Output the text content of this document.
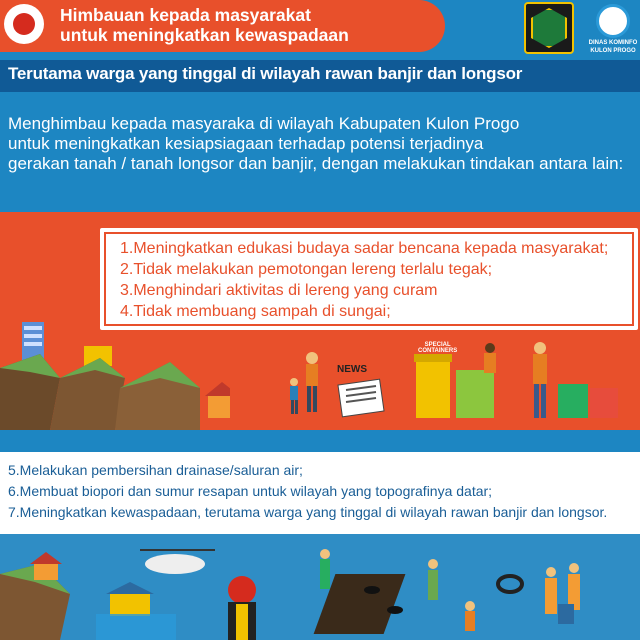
Himbauan kepada masyarakat
untuk meningkatkan kewaspadaan	DINAS KOMINFO
KULON PROGO
Terutama warga yang tinggal di wilayah rawan banjir dan longsor
Menghimbau kepada masyaraka di wilayah Kabupaten Kulon Progo
untuk meningkatkan kesiapsiagaan terhadap potensi terjadinya
gerakan tanah / tanah longsor dan banjir, dengan melakukan tindakan antara lain:
NEWS
SPECIAL
CONTAINERS
1.Meningkatkan edukasi budaya sadar bencana kepada masyarakat;
2.Tidak melakukan pemotongan lereng terlalu tegak;
3.Menghindari aktivitas di lereng yang curam
4.Tidak membuang sampah di sungai;
5.Melakukan pembersihan drainase/saluran air;
6.Membuat biopori dan sumur resapan untuk wilayah yang topografinya datar;
7.Meningkatkan kewaspadaan, terutama warga yang tinggal di wilayah rawan banjir dan longsor.
